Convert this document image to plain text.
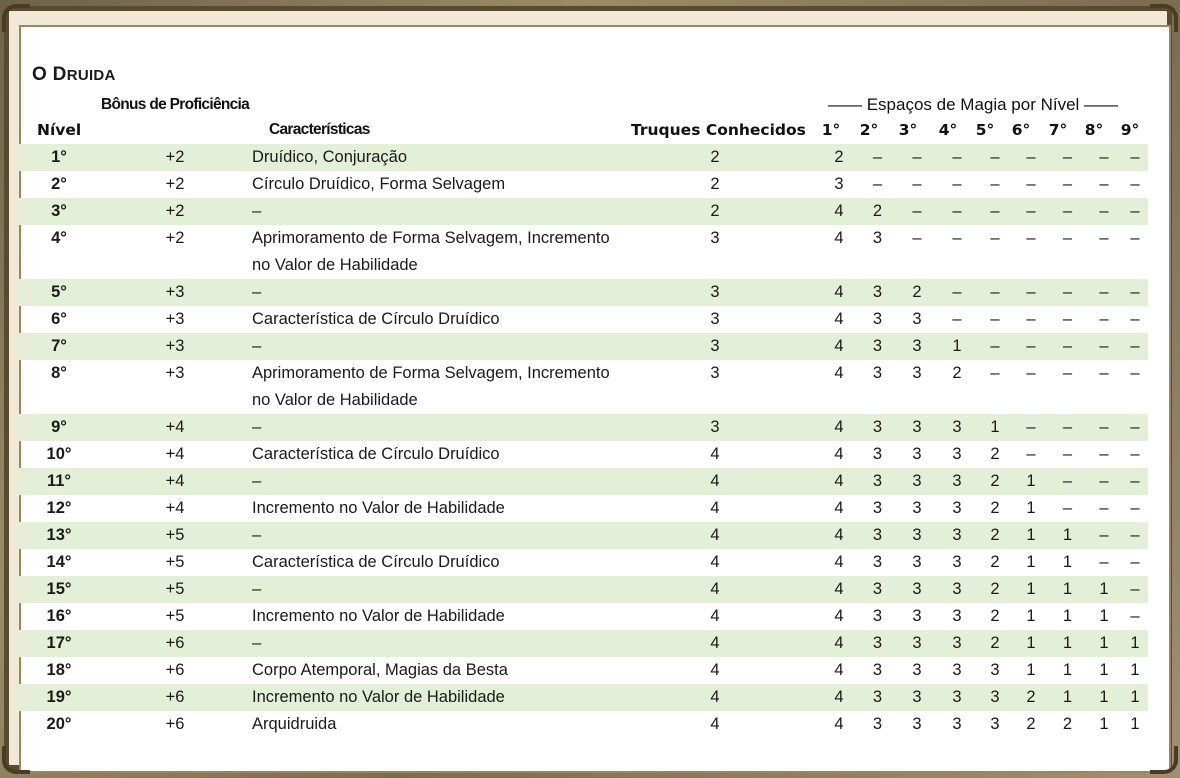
O DRUIDA
Bônus de Proficiência	—— Espaços de Magia por Nível ——
Nível	Características	Truques Conhecidos 1° 2° 3° 4° 5° 6° 7° 8° 9°
1°	+2	Druídico, Conjuração	2	2	–	–	–	–	–	–	–	–	
2°	+2	Círculo Druídico, Forma Selvagem	2	3	–	–	–	–	–	–	–	–	
3°	+2	–	2	4	2	–	–	–	–	–	–	–	
4°	+2	Aprimoramento de Forma Selvagem, Incremento no Valor de Habilidade	3	4	3	–	–	–	–	–	–	–	
5°	+3	–	3	4	3	2	–	–	–	–	–	–	
6°	+3	Característica de Círculo Druídico	3	4	3	3	–	–	–	–	–	–	
7°	+3	–	3	4	3	3	1	–	–	–	–	–	
8°	+3	Aprimoramento de Forma Selvagem, Incremento no Valor de Habilidade	3	4	3	3	2	–	–	–	–	–	
9°	+4	–	3	4	3	3	3	1	–	–	–	–	
10°	+4	Característica de Círculo Druídico	4	4	3	3	3	2	–	–	–	–	
11°	+4	–	4	4	3	3	3	2	1	–	–	–	
12°	+4	Incremento no Valor de Habilidade	4	4	3	3	3	2	1	–	–	–	
13°	+5	–	4	4	3	3	3	2	1	1	–	–	
14°	+5	Característica de Círculo Druídico	4	4	3	3	3	2	1	1	–	–	
15°	+5	–	4	4	3	3	3	2	1	1	1	–	
16°	+5	Incremento no Valor de Habilidade	4	4	3	3	3	2	1	1	1	–	
17°	+6	–	4	4	3	3	3	2	1	1	1	1	
18°	+6	Corpo Atemporal, Magias da Besta	4	4	3	3	3	3	1	1	1	1	
19°	+6	Incremento no Valor de Habilidade	4	4	3	3	3	3	2	1	1	1	
20°	+6	Arquidruida	4	4	3	3	3	3	2	2	1	1	
